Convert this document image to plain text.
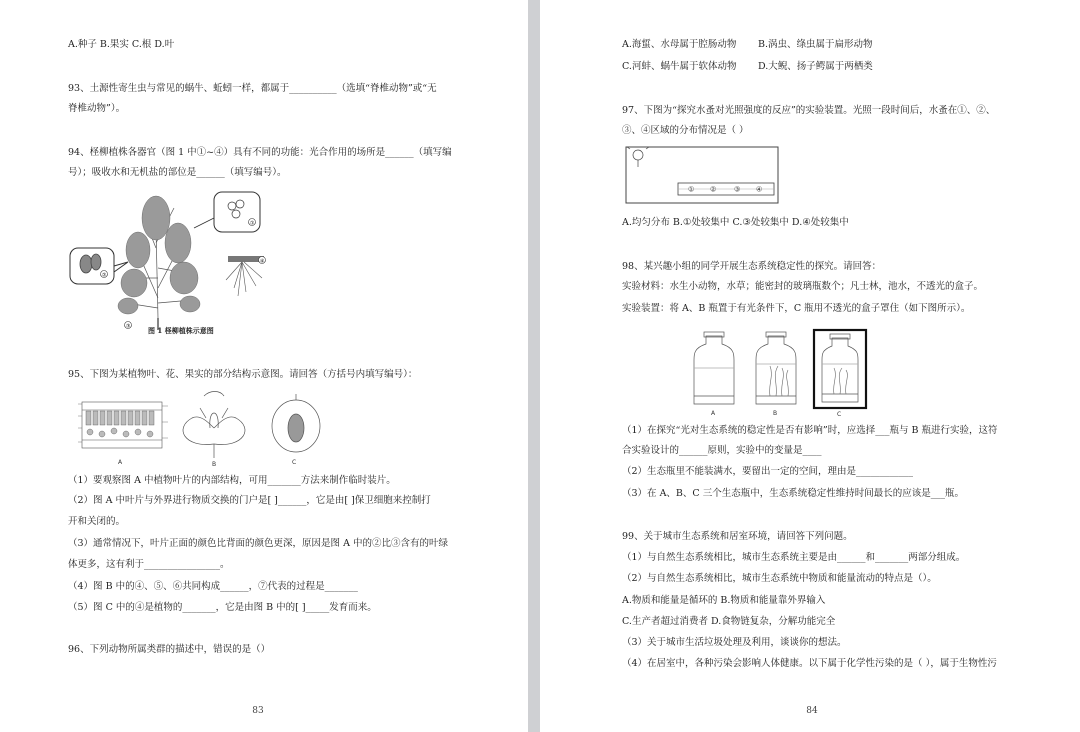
A.种子 B.果实 C.根 D.叶
93、土源性寄生虫与常见的蜗牛、蚯蚓一样，都属于__________（选填“脊椎动物”或“无
脊椎动物”）。
94、柽柳植株各器官（图 1 中①~④）具有不同的功能：光合作用的场所是______（填写编
号）；吸收水和无机盐的部位是______（填写编号）。
②
③
①
④
图 1 柽柳植株示意图
95、下图为某植物叶、花、果实的部分结构示意图。请回答（方括号内填写编号）：
A	B	C
（1）要观察图 A 中植物叶片的内部结构，可用_______方法来制作临时装片。
（2）图 A 中叶片与外界进行物质交换的门户是[ ]______，它是由[ ]保卫细胞来控制打
开和关闭的。
（3）通常情况下，叶片正面的颜色比背面的颜色更深，原因是图 A 中的②比③含有的叶绿
体更多，这有利于________________。
（4）图 B 中的④、⑤、⑥共同构成______，⑦代表的过程是_______
（5）图 C 中的④是植物的_______，它是由图 B 中的[ ]_____发育而来。
96、下列动物所属类群的描述中，错误的是（）
83
A.海蜇、水母属于腔肠动物 B.涡虫、绦虫属于扁形动物
C.河蚌、蜗牛属于软体动物 D.大鲵、扬子鳄属于两栖类
97、下图为“探究水蚤对光照强度的反应”的实验装置。光照一段时间后，水蚤在①、②、
③、④区域的分布情况是（ ）
① ②	③ ④
A.均匀分布 B.①处较集中 C.③处较集中 D.④处较集中
98、某兴趣小组的同学开展生态系统稳定性的探究。请回答：
实验材料：水生小动物，水草；能密封的玻璃瓶数个；凡士林，池水，不透光的盒子。
实验装置：将 A、B 瓶置于有光条件下，C 瓶用不透光的盒子罩住（如下图所示）。
A	B	C
（1）在探究“光对生态系统的稳定性是否有影响”时，应选择___瓶与 B 瓶进行实验，这符
合实验设计的______原则，实验中的变量是____
（2）生态瓶里不能装满水，要留出一定的空间，理由是____________
（3）在 A、B、C 三个生态瓶中，生态系统稳定性维持时间最长的应该是___瓶。
99、关于城市生态系统和居室环境，请回答下列问题。
（1）与自然生态系统相比，城市生态系统主要是由______和_______两部分组成。
（2）与自然生态系统相比，城市生态系统中物质和能量流动的特点是（）。
A.物质和能量是循环的 B.物质和能量靠外界输入
C.生产者超过消费者 D.食物链复杂，分解功能完全
（3）关于城市生活垃圾处理及利用，谈谈你的想法。
（4）在居室中，各种污染会影响人体健康。以下属于化学性污染的是（ ），属于生物性污
84
